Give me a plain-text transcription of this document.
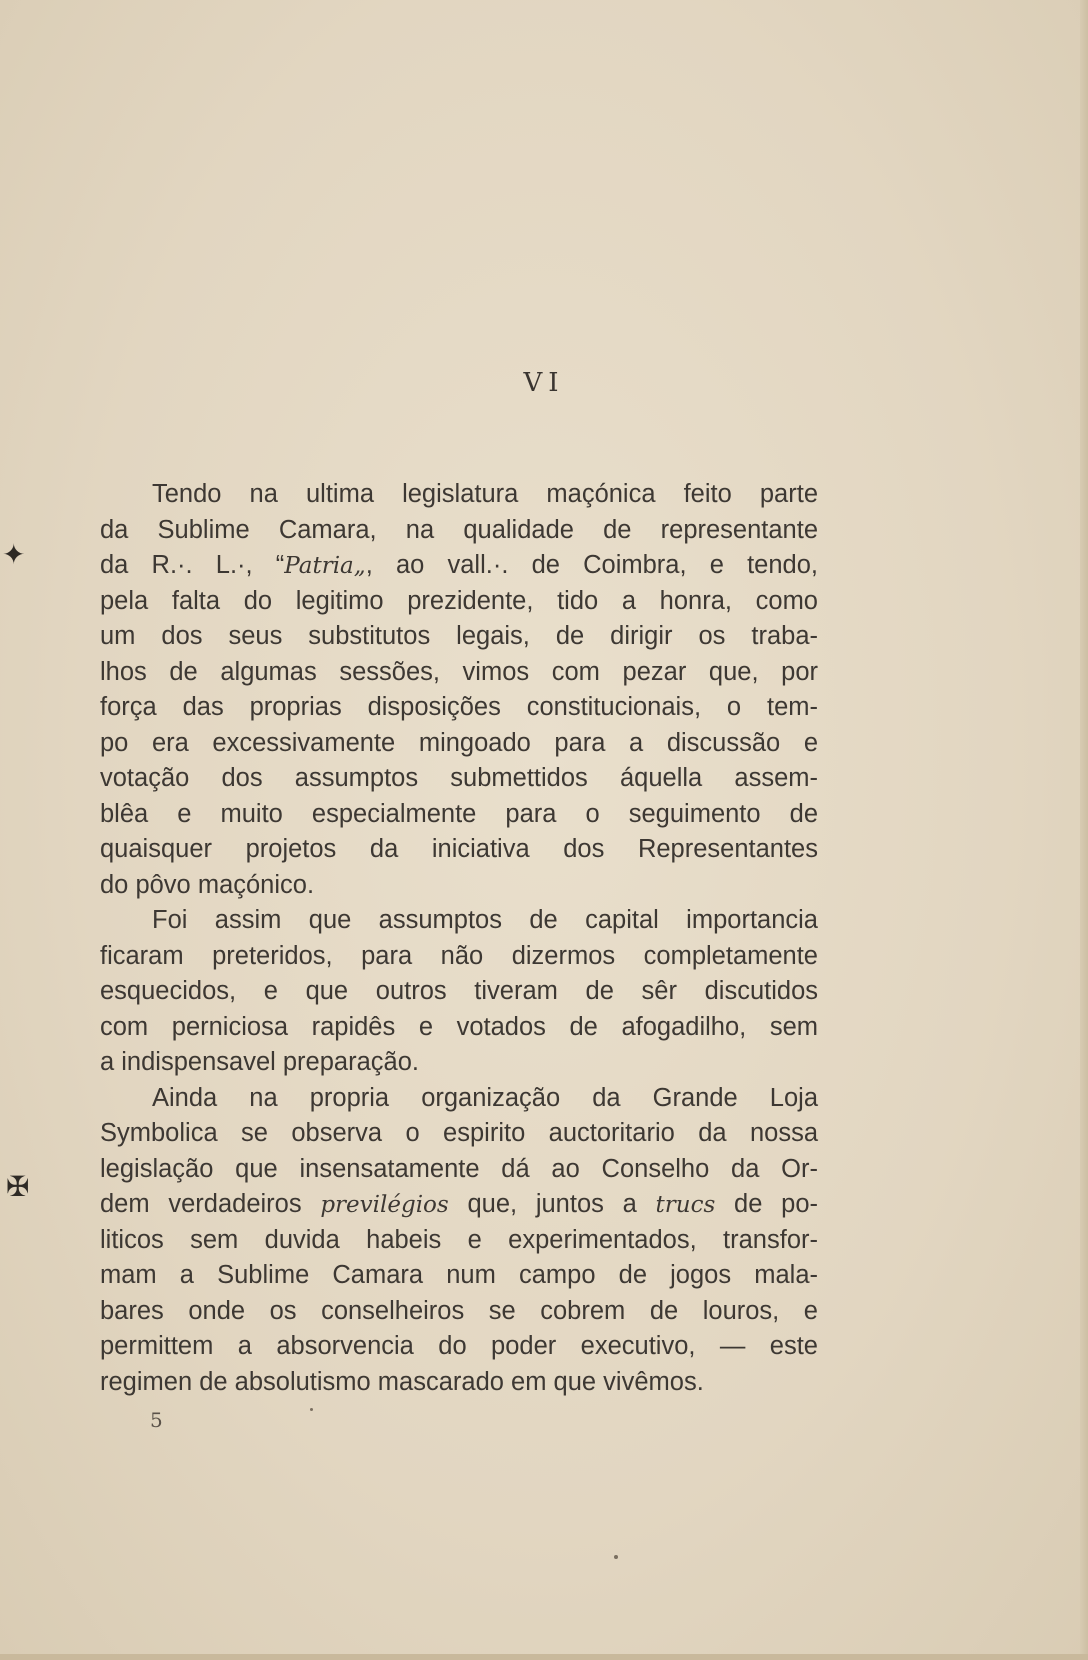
VI
Tendo na ultima legislatura maçónica feito parte
da Sublime Camara, na qualidade de representante
da R.·. L.·, “Patria„, ao vall.·. de Coimbra, e tendo,
pela falta do legitimo prezidente, tido a honra, como
um dos seus substitutos legais, de dirigir os traba-
lhos de algumas sessões, vimos com pezar que, por
força das proprias disposições constitucionais, o tem-
po era excessivamente mingoado para a discussão e
votação dos assumptos submettidos áquella assem-
blêa e muito especialmente para o seguimento de
quaisquer projetos da iniciativa dos Representantes
do pôvo maçónico.
Foi assim que assumptos de capital importancia
ficaram preteridos, para não dizermos completamente
esquecidos, e que outros tiveram de sêr discutidos
com perniciosa rapidês e votados de afogadilho, sem
a indispensavel preparação.
Ainda na propria organização da Grande Loja
Symbolica se observa o espirito auctoritario da nossa
legislação que insensatamente dá ao Conselho da Or-
dem verdadeiros previlégios que, juntos a trucs de po-
liticos sem duvida habeis e experimentados, transfor-
mam a Sublime Camara num campo de jogos mala-
bares onde os conselheiros se cobrem de louros, e
permittem a absorvencia do poder executivo, — este
regimen de absolutismo mascarado em que vivêmos.
5
✦
✠
